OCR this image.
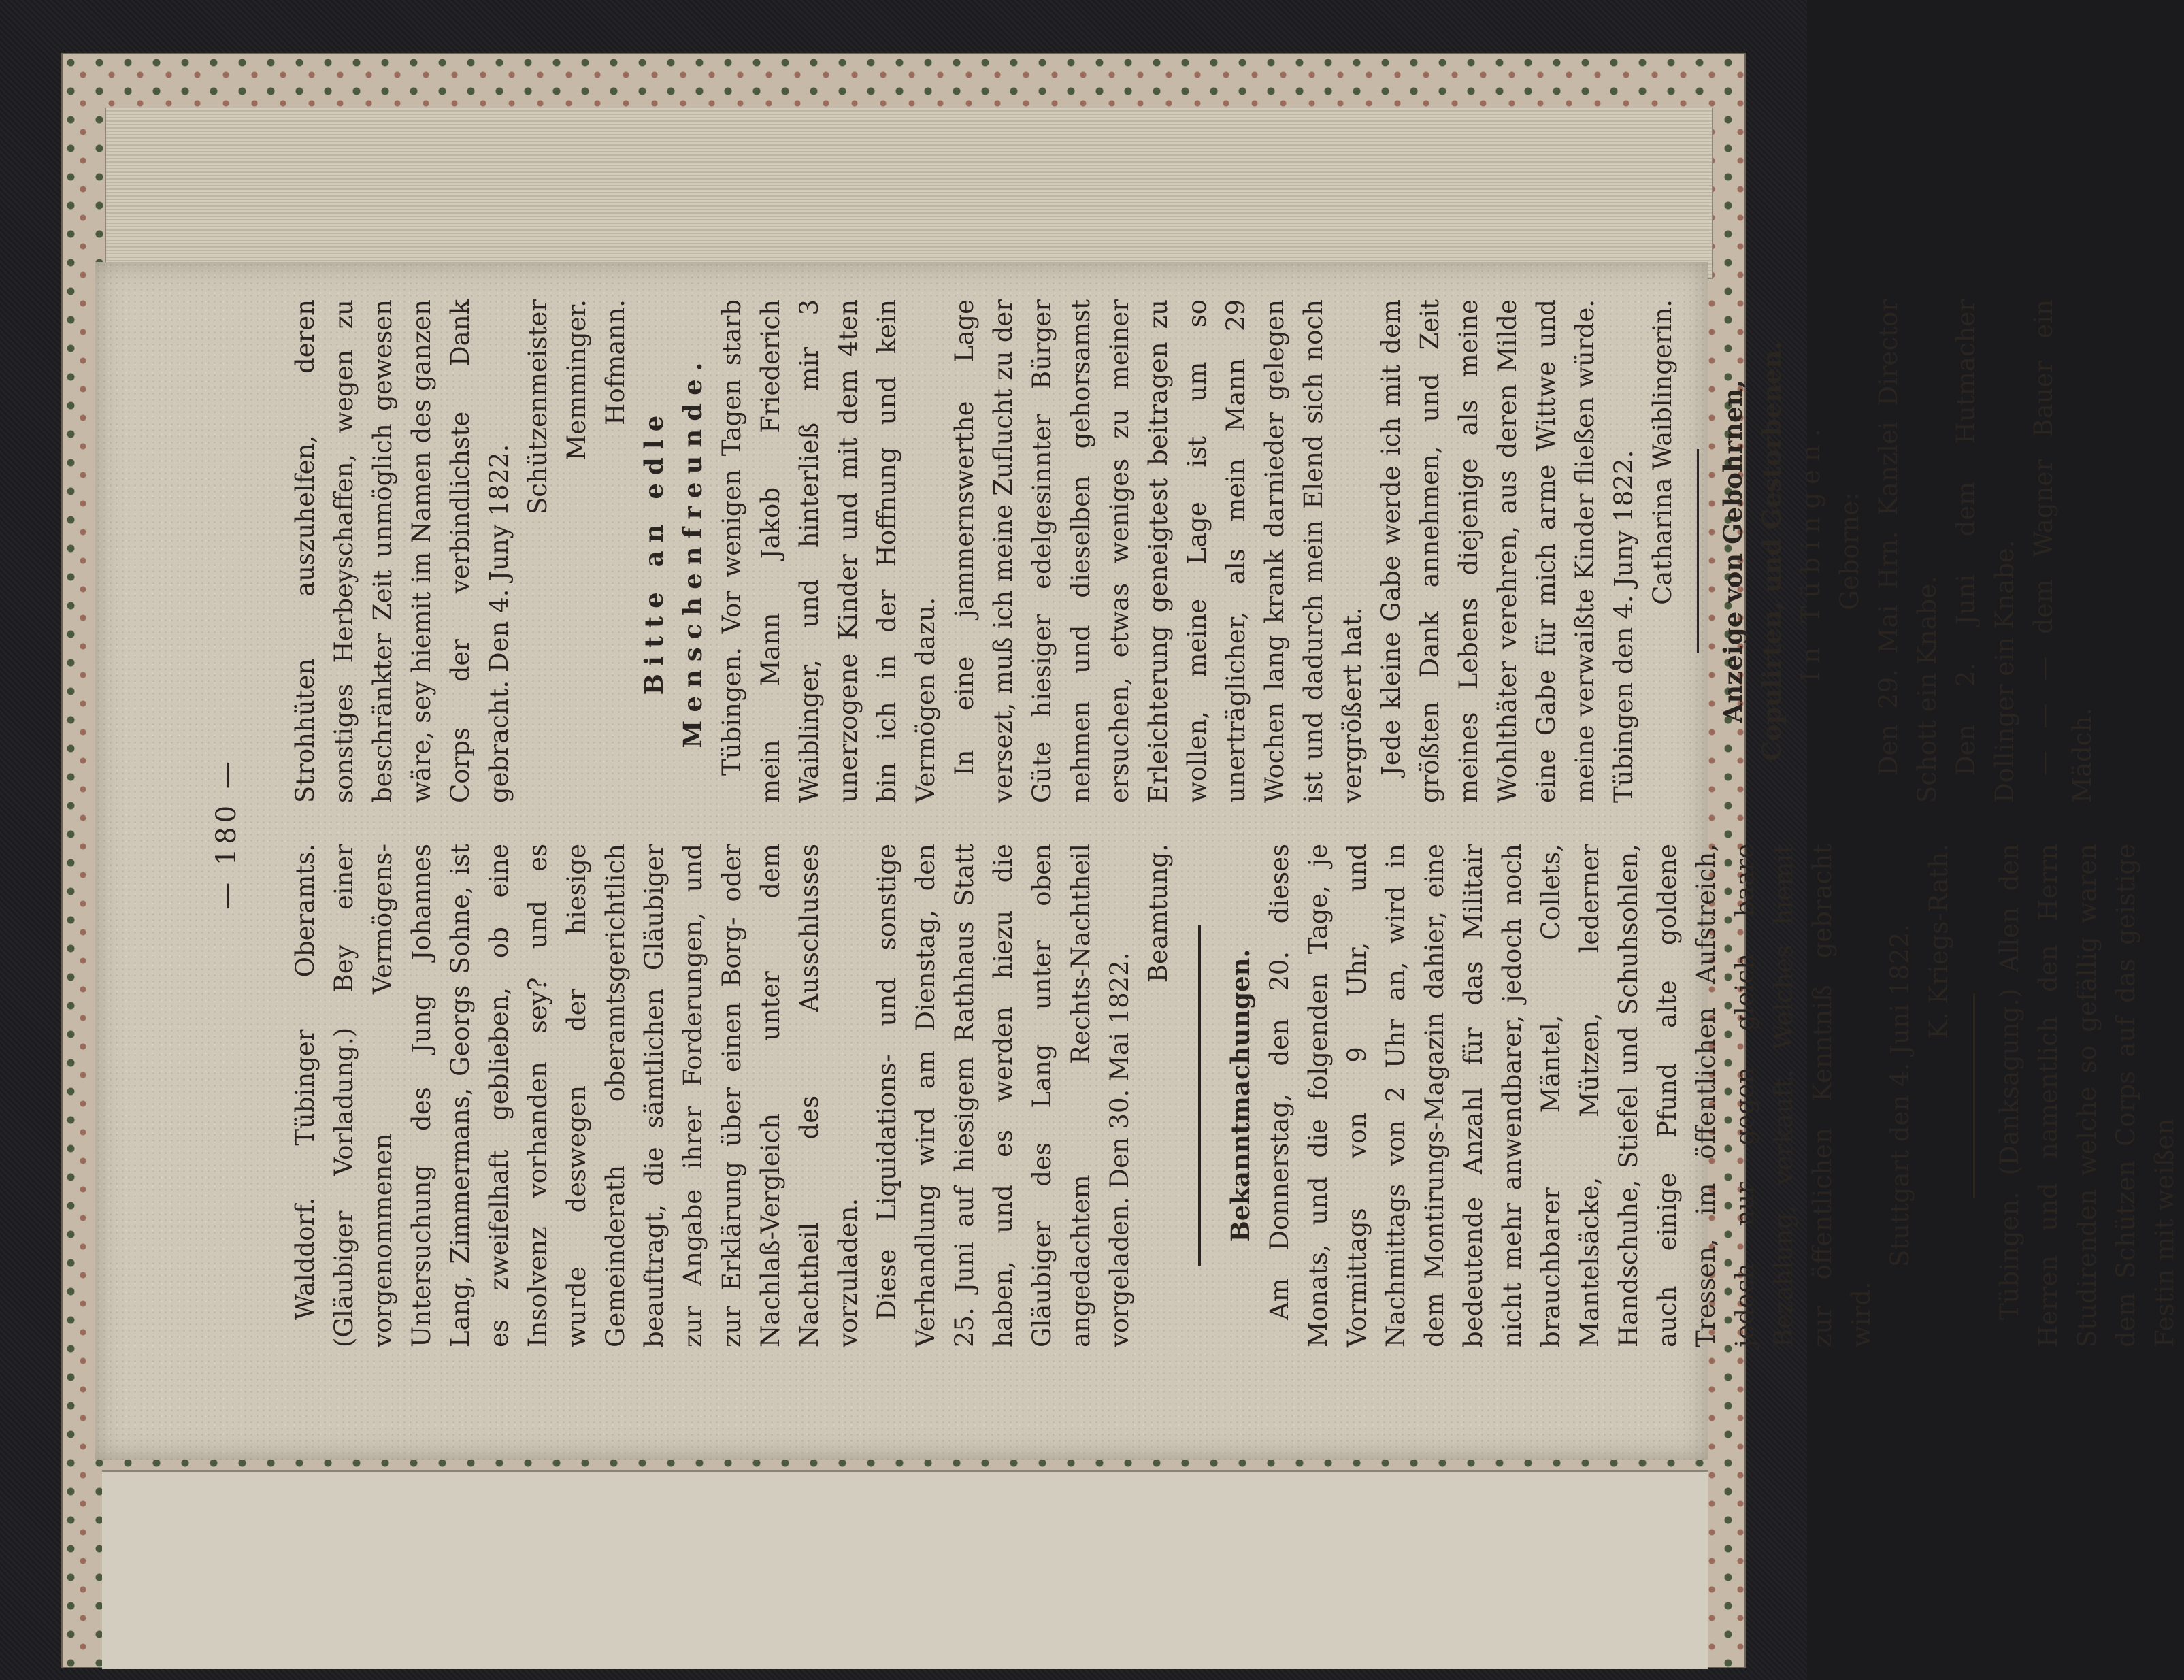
— 180 —

Walddorf. Tübinger Oberamts. (Gläubiger Vorladung.) Bey einer vorgenommenen Vermögens-Untersuchung des Jung Johannes Lang, Zimmermans, Georgs Sohne, ist es zweifelhaft geblieben, ob eine Insolvenz vorhanden sey? und es wurde deswegen der hiesige Gemeinderath oberamtsgerichtlich beauftragt, die sämtlichen Gläubiger zur Angabe ihrer Forderungen, und zur Erklärung über einen Borg- oder Nachlaß-Vergleich unter dem Nachtheil des Ausschlusses vorzuladen. Diese Liquidations- und sonstige Verhandlung wird am Dienstag, den 25. Juni auf hiesigem Rathhaus Statt haben, und es werden hiezu die Gläubiger des Lang unter oben angedachtem Rechts-Nachtheil vorgeladen. Den 30. Mai 1822.

Beamtung.

Bekanntmachungen. Am Donnerstag, den 20. dieses Monats, und die folgenden Tage, je Vormittags von 9 Uhr, und Nachmittags von 2 Uhr an, wird in dem Montirungs-Magazin dahier, eine bedeutende Anzahl für das Militair nicht mehr anwendbarer, jedoch noch brauchbarer Mäntel, Collets, Mantelsäcke, Mützen, lederner Handschuhe, Stiefel und Schuhsohlen, auch einige Pfund alte goldene Tressen, im öffentlichen Aufstreich, jedoch nur gegen gleich baare Bezahlung, verkauft. Welches hiemit zur öffentlichen Kenntniß gebracht wird.

Stuttgart den 4. Juni 1822. K. Kriegs-Rath. Tübingen. (Danksagung.) Allen den Herren und namentlich den Herrn Studirenden welche so gefällig waren dem Schützen Corps auf das geistige Festin mit weißen

Strohhüten auszuhelfen, deren sonstiges Herbeyschaffen, wegen zu beschränkter Zeit unmöglich gewesen wäre, sey hiemit im Namen des ganzen Corps der verbindlichste Dank gebracht. Den 4. Juny 1822.

Schützenmeister Memminger. Hofmann.

Bitte an edle Menschenfreunde. Tübingen. Vor wenigen Tagen starb mein Mann Jakob Friederich Waiblinger, und hinterließ mir 3 unerzogene Kinder und mit dem 4ten bin ich in der Hoffnung und kein Vermögen dazu. In eine jammernswerthe Lage versezt, muß ich meine Zuflucht zu der Güte hiesiger edelgesinnter Bürger nehmen und dieselben gehorsamst ersuchen, etwas weniges zu meiner Erleichterung geneigtest beitragen zu wollen, meine Lage ist um so unerträglicher, als mein Mann 29 Wochen lang krank darnieder gelegen ist und dadurch mein Elend sich noch vergrößert hat. Jede kleine Gabe werde ich mit dem größten Dank annehmen, und Zeit meines Lebens diejenige als meine Wohlthäter verehren, aus deren Milde eine Gabe für mich arme Wittwe und meine verwaißte Kinder fließen würde. Tübingen den 4. Juny 1822. Catharina Waiblingerin. Anzeige von Gebohrnen, Copulirten, und Gestorbenen. In Tübingen. Geborne: Den 29. Mai Hrn. Kanzlei Director Schott ein Knabe. Den 2. Juni dem Hutmacher Dollinger ein Knabe. — — — dem Wagner Bauer ein Mädch.
